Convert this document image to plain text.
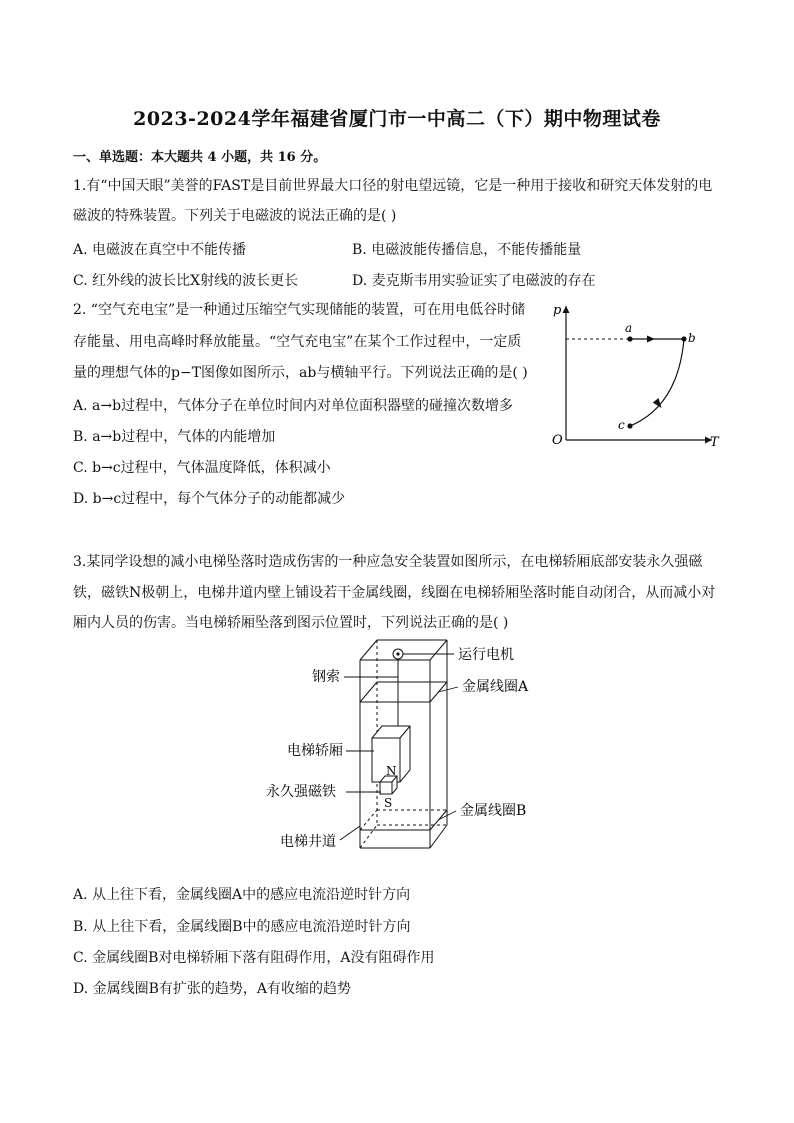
2023-2024学年福建省厦门市一中高二（下）期中物理试卷
一、单选题：本大题共 4 小题，共 16 分。
1.有“中国天眼”美誉的FAST是目前世界最大口径的射电望远镜，它是一种用于接收和研究天体发射的电
磁波的特殊装置。下列关于电磁波的说法正确的是( )
A. 电磁波在真空中不能传播	B. 电磁波能传播信息，不能传播能量
C. 红外线的波长比X射线的波长更长	D. 麦克斯韦用实验证实了电磁波的存在
2. “空气充电宝”是一种通过压缩空气实现储能的装置，可在用电低谷时储
存能量、用电高峰时释放能量。“空气充电宝”在某个工作过程中，一定质
量的理想气体的p−T图像如图所示，ab与横轴平行。下列说法正确的是( )
A. a→b过程中，气体分子在单位时间内对单位面积器壁的碰撞次数增多
B. a→b过程中，气体的内能增加
C. b→c过程中，气体温度降低，体积减小
D. b→c过程中，每个气体分子的动能都减少
p
T
O
a
b
c
3.某同学设想的减小电梯坠落时造成伤害的一种应急安全装置如图所示，在电梯轿厢底部安装永久强磁
铁，磁铁N极朝上，电梯井道内壁上铺设若干金属线圈，线圈在电梯轿厢坠落时能自动闭合，从而减小对
厢内人员的伤害。当电梯轿厢坠落到图示位置时，下列说法正确的是( )
N
S
运行电机
钢索
金属线圈A
电梯轿厢
永久强磁铁
金属线圈B
电梯井道
A. 从上往下看，金属线圈A中的感应电流沿逆时针方向
B. 从上往下看，金属线圈B中的感应电流沿逆时针方向
C. 金属线圈B对电梯轿厢下落有阻碍作用，A没有阻碍作用
D. 金属线圈B有扩张的趋势，A有收缩的趋势
